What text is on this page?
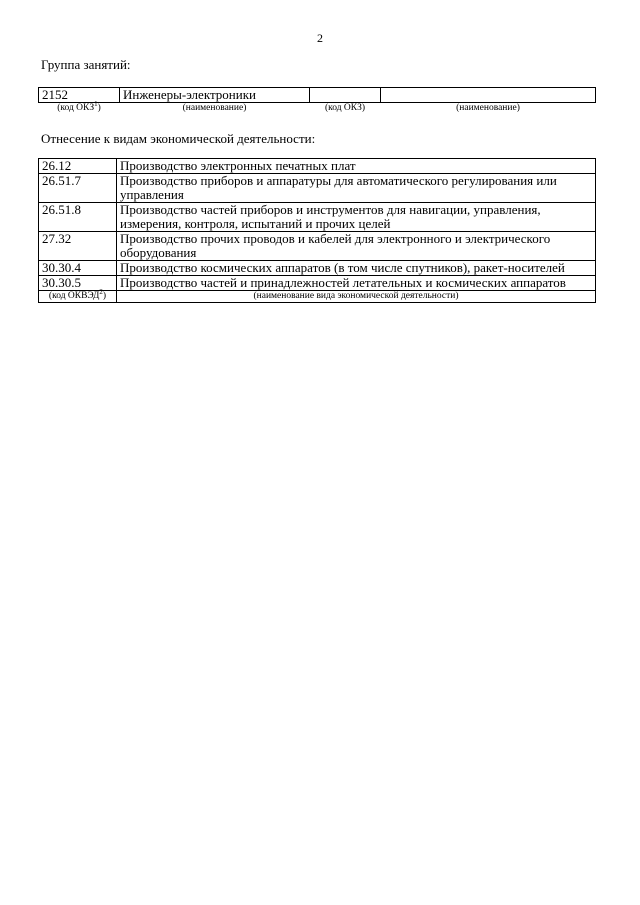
2
Группа занятий:
2152	Инженеры-электроники		
(код ОКЗ$^1$)	(наименование)	(код ОКЗ)	(наименование)
Отнесение к видам экономической деятельности:
26.12	Производство электронных печатных плат
26.51.7	Производство приборов и аппаратуры для автоматического регулирования или управления
26.51.8	Производство частей приборов и инструментов для навигации, управления, измерения, контроля, испытаний и прочих целей
27.32	Производство прочих проводов и кабелей для электронного и электрического оборудования
30.30.4	Производство космических аппаратов (в том числе спутников), ракет-носителей
30.30.5	Производство частей и принадлежностей летательных и космических аппаратов
(код ОКВЭД$^2$)	(наименование вида экономической деятельности)
